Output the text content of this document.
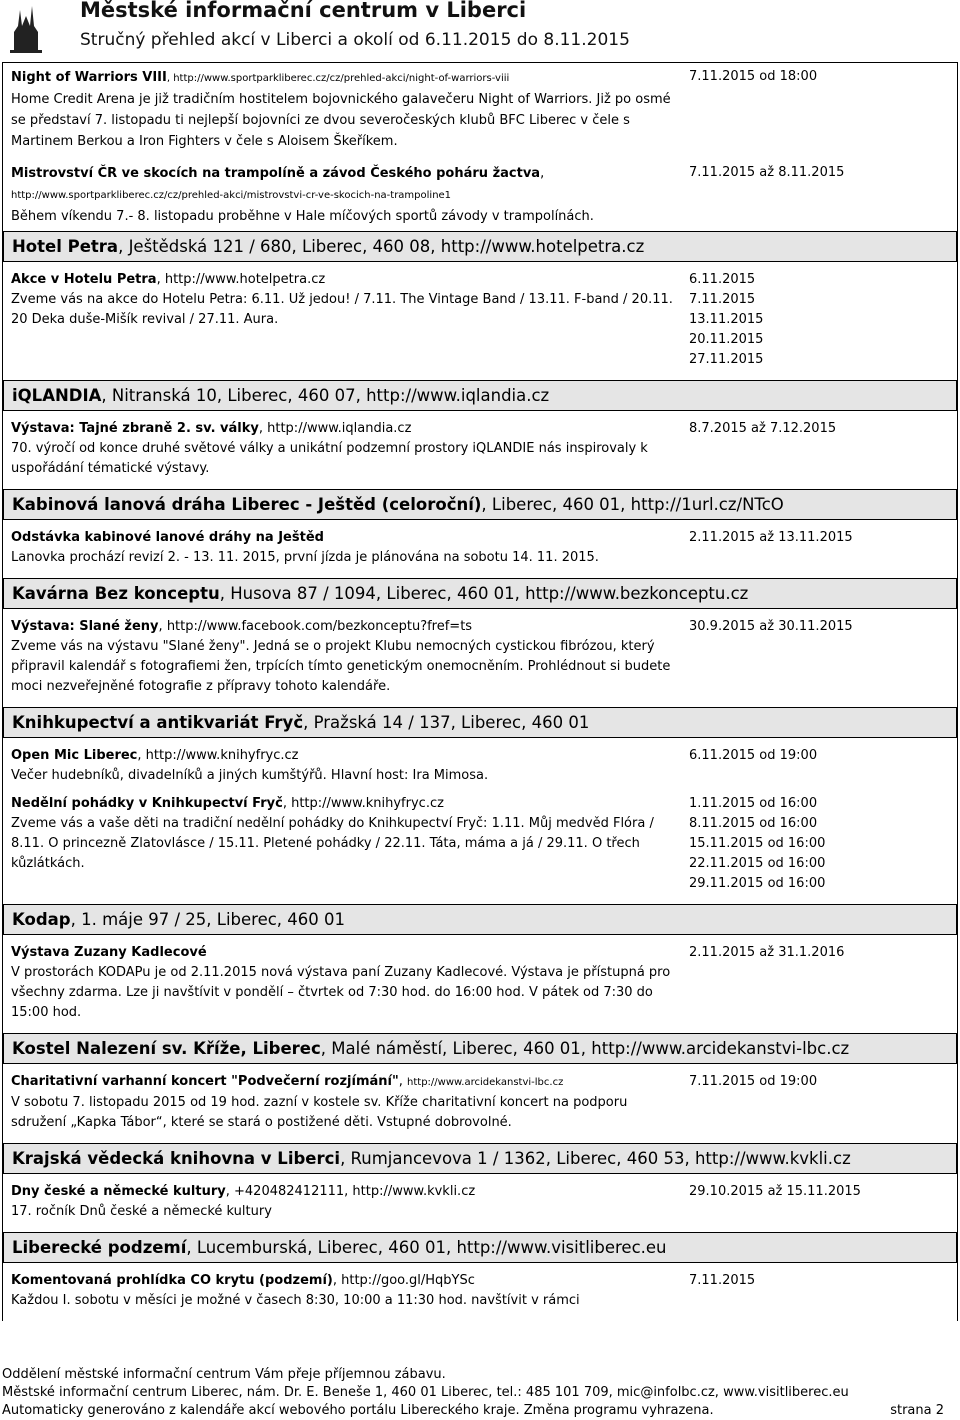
Městské informační centrum v Liberci
Stručný přehled akcí v Liberci a okolí od 6.11.2015 do 8.11.2015
Night of Warriors VIII, http://www.sportparkliberec.cz/cz/prehled-akci/night-of-warriors-viii
Home Credit Arena je již tradičním hostitelem bojovnického galavečeru Night of Warriors. Již po osmé se představí 7. listopadu ti nejlepší bojovníci ze dvou severočeských klubů BFC Liberec v čele s Martinem Berkou a Iron Fighters v čele s Aloisem Škeříkem.
7.11.2015 od 18:00
Mistrovství ČR ve skocích na trampolíně a závod Českého poháru žactva,
http://www.sportparkliberec.cz/cz/prehled-akci/mistrovstvi-cr-ve-skocich-na-trampoline1
Během víkendu 7.- 8. listopadu proběhne v Hale míčových sportů závody v trampolínách.
7.11.2015 až 8.11.2015
Hotel Petra, Ještědská 121 / 680, Liberec, 460 08, http://www.hotelpetra.cz
Akce v Hotelu Petra, http://www.hotelpetra.cz
Zveme vás na akce do Hotelu Petra: 6.11. Už jedou! / 7.11. The Vintage Band / 13.11. F-band / 20.11. 20 Deka duše-Mišík revival / 27.11. Aura.
6.11.2015
7.11.2015
13.11.2015
20.11.2015
27.11.2015
iQLANDIA, Nitranská 10, Liberec, 460 07, http://www.iqlandia.cz
Výstava: Tajné zbraně 2. sv. války, http://www.iqlandia.cz
70. výročí od konce druhé světové války a unikátní podzemní prostory iQLANDIE nás inspirovaly k uspořádání tématické výstavy.
8.7.2015 až 7.12.2015
Kabinová lanová dráha Liberec - Ještěd (celoroční), Liberec, 460 01, http://1url.cz/NTcO
Odstávka kabinové lanové dráhy na Ještěd
Lanovka prochází revizí 2. - 13. 11. 2015, první jízda je plánována na sobotu 14. 11. 2015.
2.11.2015 až 13.11.2015
Kavárna Bez konceptu, Husova 87 / 1094, Liberec, 460 01, http://www.bezkonceptu.cz
Výstava: Slané ženy, http://www.facebook.com/bezkonceptu?fref=ts
Zveme vás na výstavu "Slané ženy". Jedná se o projekt Klubu nemocných cystickou fibrózou, který připravil kalendář s fotografiemi žen, trpících tímto genetickým onemocněním. Prohlédnout si budete moci nezveřejněné fotografie z přípravy tohoto kalendáře.
30.9.2015 až 30.11.2015
Knihkupectví a antikvariát Fryč, Pražská 14 / 137, Liberec, 460 01
Open Mic Liberec, http://www.knihyfryc.cz
Večer hudebníků, divadelníků a jiných kumštýřů. Hlavní host: Ira Mimosa.
6.11.2015 od 19:00
Nedělní pohádky v Knihkupectví Fryč, http://www.knihyfryc.cz
Zveme vás a vaše děti na tradiční nedělní pohádky do Knihkupectví Fryč: 1.11. Můj medvěd Flóra / 8.11. O princezně Zlatovlásce / 15.11. Pletené pohádky / 22.11. Táta, máma a já / 29.11. O třech kůzlátkách.
1.11.2015 od 16:00
8.11.2015 od 16:00
15.11.2015 od 16:00
22.11.2015 od 16:00
29.11.2015 od 16:00
Kodap, 1. máje 97 / 25, Liberec, 460 01
Výstava Zuzany Kadlecové
V prostorách KODAPu je od 2.11.2015 nová výstava paní Zuzany Kadlecové. Výstava je přístupná pro všechny zdarma. Lze ji navštívit v pondělí – čtvrtek od 7:30 hod. do 16:00 hod. V pátek od 7:30 do 15:00 hod.
2.11.2015 až 31.1.2016
Kostel Nalezení sv. Kříže, Liberec, Malé náměstí, Liberec, 460 01, http://www.arcidekanstvi-lbc.cz
Charitativní varhanní koncert "Podvečerní rozjímání", http://www.arcidekanstvi-lbc.cz
V sobotu 7. listopadu 2015 od 19 hod. zazní v kostele sv. Kříže charitativní koncert na podporu sdružení „Kapka Tábor“, které se stará o postižené děti. Vstupné dobrovolné.
7.11.2015 od 19:00
Krajská vědecká knihovna v Liberci, Rumjancevova 1 / 1362, Liberec, 460 53, http://www.kvkli.cz
Dny české a německé kultury, +420482412111, http://www.kvkli.cz
17. ročník Dnů české a německé kultury
29.10.2015 až 15.11.2015
Liberecké podzemí, Lucemburská, Liberec, 460 01, http://www.visitliberec.eu
Komentovaná prohlídka CO krytu (podzemí), http://goo.gl/HqbYSc
Každou I. sobotu v měsíci je možné v časech 8:30, 10:00 a 11:30 hod. navštívit v rámci
7.11.2015
Oddělení městské informační centrum Vám přeje příjemnou zábavu.
Městské informační centrum Liberec, nám. Dr. E. Beneše 1, 460 01 Liberec, tel.: 485 101 709, mic@infolbc.cz, www.visitliberec.eu
Automaticky generováno z kalendáře akcí webového portálu Libereckého kraje. Změna programu vyhrazena.	strana 2
